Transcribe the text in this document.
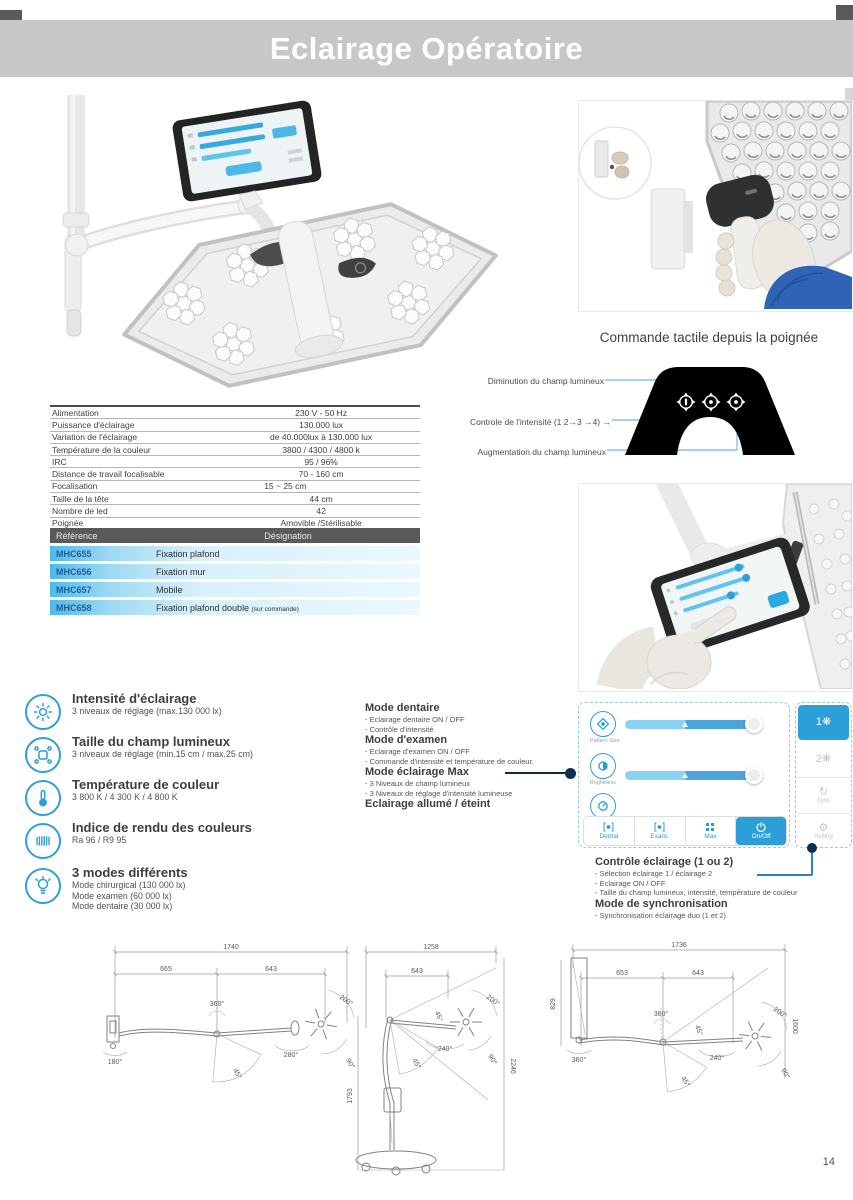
Eclairage Opératoire
Commande tactile depuis la poignée
Diminution du champ lumineux
Controle de l'intensité (1 2→3 →4) →
Augmentation du champ lumineux
Alimentation	230 V - 50 Hz
Puissance d'éclairage	130.000 lux
Variation de l'éclairage	de 40.000lux à 130.000 lux
Température de la couleur	3800 / 4300 / 4800 k
IRC	95 / 96%
Distance de travail focalisable	70 - 160 cm
Focalisation	15 ~ 25 cm
Taille de la tête	44 cm
Nombre de led	42
Poignée	Amovible /Stérilisable
Référence	Désignation
MHC655	Fixation plafond
MHC656	Fixation mur
MHC657	Mobile
MHC658	Fixation plafond double (sur commande)
Intensité d'éclairage
3 niveaux de réglage (max.130 000 lx)
Taille du champ lumineux
3 niveaux de réglage (min.15 cm / max.25 cm)
Température de couleur
3 800 K / 4 300 K / 4 800 K
Indice de rendu des couleurs
Ra 96 / R9 95
3 modes différents
Mode chirurgical (130 000 lx)
Mode examen (60 000 lx)
Mode dentaire (30 000 lx)
Mode dentaire
- Eclairage dentaire ON / OFF
- Contrôle d'intensité
Mode d'examen
- Eclairage d'examen ON / OFF
- Commande d'intensité et température de couleur.
Mode éclairage Max
- 3 Niveaux de champ lumineux
- 3 Niveaux de réglage d'intensité lumineuse
Eclairage allumé / éteint
Pattern Size
Brightness
Dental	Exam.	Max	On/Off
1❋
2❋
↻
Sync
⚙
Setting
Contrôle éclairage (1 ou 2)
- Sélection éclairage 1 / éclairage 2
- Eclairage ON / OFF
- Taille du champ lumineux, intensité, température de couleur
Mode de synchronisation
- Synchronisation éclairage duo (1 et 2)
1740
665	643
180°
360°
45°
280°
200°
90°
1258
643
1793
2246
45°
45°
240°
200°
90°
1736
653	643
829
1600
360°
360°
45°
45°
240°
200°
90°
14
